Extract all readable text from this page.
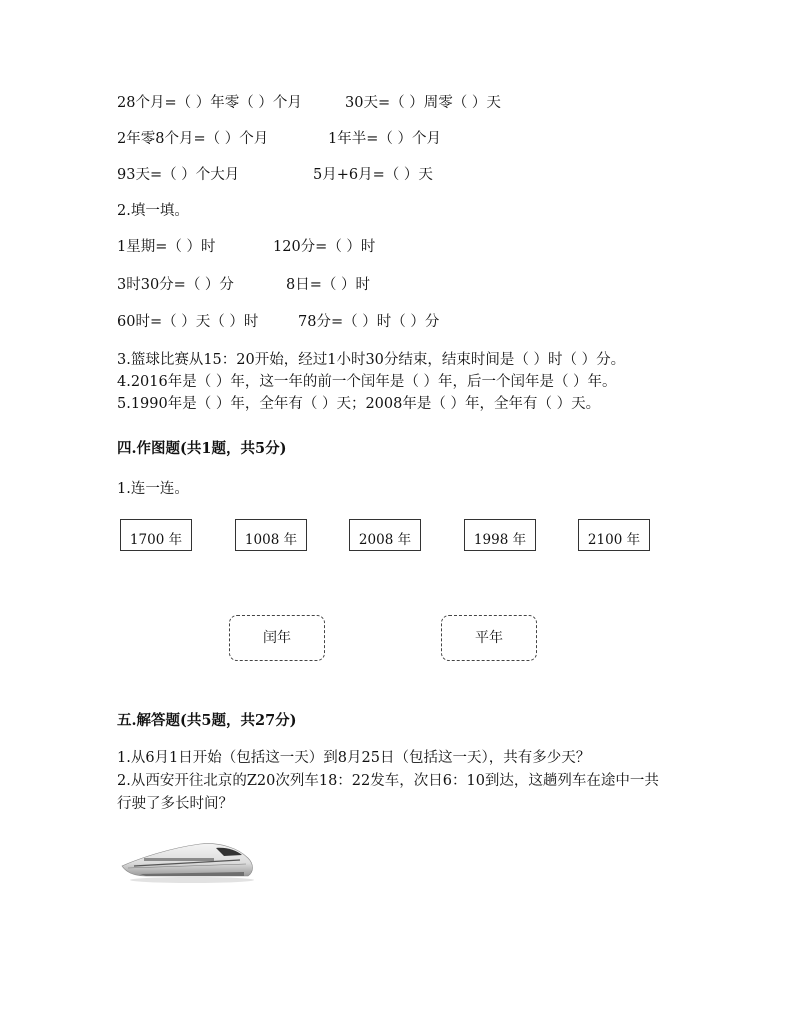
28个月=（ ）年零（ ）个月	30天=（ ）周零（ ）天
2年零8个月=（ ）个月	1年半=（ ）个月
93天=（ ）个大月	5月+6月=（ ）天
2.填一填。
1星期=（ ）时	120分=（ ）时
3时30分=（ ）分	8日=（ ）时
60时=（ ）天（ ）时	78分=（ ）时（ ）分
3.篮球比赛从15：20开始，经过1小时30分结束，结束时间是（ ）时（ ）分。
4.2016年是（ ）年，这一年的前一个闰年是（ ）年，后一个闰年是（ ）年。
5.1990年是（ ）年，全年有（ ）天；2008年是（ ）年，全年有（ ）天。
四.作图题(共1题，共5分)
1.连一连。
1700 年	1008 年	2008 年	1998 年	2100 年
闰年	平年
五.解答题(共5题，共27分)
1.从6月1日开始（包括这一天）到8月25日（包括这一天），共有多少天？
2.从西安开往北京的Z20次列车18：22发车，次日6：10到达，这趟列车在途中一共
行驶了多长时间？
